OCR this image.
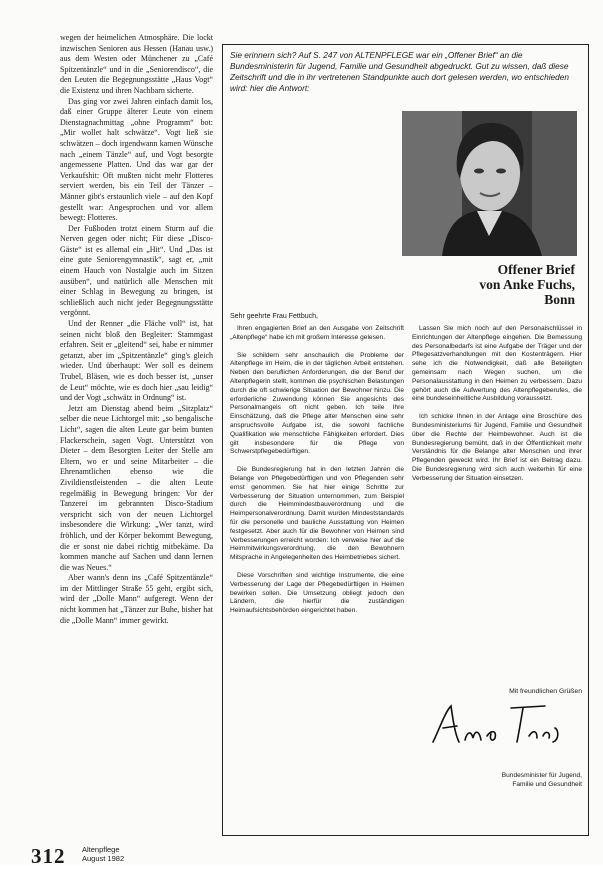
wegen der heimelichen Atmosphäre. Die lockt inzwischen Senioren aus Hessen (Hanau usw.) aus dem Westen oder Münchener zu „Café Spitzentänzle“ und in die „Seniorendisco“, die den Leuten die Begegnungsstätte „Haus Vogt“ die Existenz und ihren Nachbarn sicherte.

Das ging vor zwei Jahren einfach damit los, daß einer Gruppe älterer Leute von einem Dienstagnachmittag „ohne Programm“ bot: „Mir wollet halt schwätze“. Vogt ließ sie schwätzen – doch irgendwann kamen Wünsche nach „einem Tänzle“ auf, und Vogt besorgte angemessene Platten. Und das war gar der Verkaufshit: Oft mußten nicht mehr Flotteres serviert werden, bis ein Teil der Tänzer – Männer gibt's erstaunlich viele – auf den Kopf gestellt war: Angesprochen und vor allem bewegt: Flotteres.

Der Fußboden trotzt einem Sturm auf die Nerven gegen oder nicht; Für diese „Disco-Gäste“ ist es allemal ein „Hit“. Und „Das ist eine gute Seniorengymnastik“, sagt er, „mit einem Hauch von Nostalgie auch im Sitzen ausüben“, und natürlich alle Menschen mit einer Schlag in Bewegung zu bringen, ist schließlich auch nicht jeder Begegnungsstätte vergönnt.

Und der Renner „die Fläche voll“ ist, hat seinen nicht bloß den Begleiter: Stammgast erfahren. Seit er „gleitend“ sei, habe er nimmer getanzt, aber im „Spitzentänzle“ ging's gleich wieder. Und überhaupt: Wer soll es deinem Trubel, Bläsen, wie es doch besser ist, „unser de Leut“ möchte, wie es doch hier „sau leidig“ und der Vogt „schwätz in Ordnung“ ist.

Jetzt am Dienstag abend beim „Sitzplatz“ selber die neue Lichtorgel mit: „so bengalische Licht“, sagen die alten Leute gar beim bunten Flackerschein, sagen Vogt. Unterstützt von Dieter – dem Besorgten Leiter der Stelle am Eltern, wo er und seine Mitarbeiter – die Ehrenamtlichen ebenso wie die Zivildienstleistenden – die alten Leute regelmäßig in Bewegung bringen: Vor der Tanzerei im gebrannten Disco-Stadium verspricht sich von der neuen Lichtorgel insbesondere die Wirkung: „Wer tanzt, wird fröhlich, und der Körper bekommt Bewegung, die er sonst nie dabei richtig mitbekäme. Da kommen manche auf Sachen und dann lernen die was Neues.“

Aber wann's denn ins „Café Spitzentänzle“ im der Mittlinger Straße 55 geht, ergibt sich, wird der „Dolle Mann“ aufgeregt. Wenn der nicht kommen hat „Tänzer zur Buhe, bisher hat die „Dolle Mann“ immer gewirkt.

Sie erinnern sich? Auf S. 247 von ALTENPFLEGE war ein „Offener Brief“ an die Bundesministerin für Jugend, Familie und Gesundheit abgedruckt. Gut zu wissen, daß diese Zeitschrift und die in ihr vertretenen Standpunkte auch dort gelesen werden, wo entschieden wird: hier die Antwort:
Offener Brief
von Anke Fuchs,
Bonn
Sehr geehrte Frau Fettbuch,

Ihren engagierten Brief an den Ausgabe von Zeitschrift „Altenpflege“ habe ich mit großem Interesse gelesen.

Sie schildern sehr anschaulich die Probleme der Altenpflege im Heim, die in der täglichen Arbeit entstehen. Neben den beruflichen Anforderungen, die der Beruf der Altenpflegerin stellt, kommen die psychischen Belastungen durch die oft schwierige Situation der Bewohner hinzu. Die erforderliche Zuwendung können Sie angesichts des Personalmangels oft nicht geben. Ich teile Ihre Einschätzung, daß die Pflege alter Menschen eine sehr anspruchsvolle Aufgabe ist, die sowohl fachliche Qualifikation wie menschliche Fähigkeiten erfordert. Dies gilt insbesondere für die Pflege von Schwerstpflegebedürftigen.

Die Bundesregierung hat in den letzten Jahren die Belange von Pflegebedürftigen und von Pflegenden sehr ernst genommen. Sie hat hier einige Schritte zur Verbesserung der Situation unternommen, zum Beispiel durch die Heimmindestbauverordnung und die Heimpersonalverordnung. Damit wurden Mindeststandards für die personelle und bauliche Ausstattung von Heimen festgesetzt. Aber auch für die Bewohner von Heimen sind Verbesserungen erreicht worden: Ich verweise hier auf die Heimmitwirkungsverordnung, die den Bewohnern Mitsprache in Angelegenheiten des Heimbetriebes sichert.

Diese Vorschriften sind wichtige Instrumente, die eine Verbesserung der Lage der Pflegebedürftigen in Heimen bewirken sollen. Die Umsetzung obliegt jedoch den Ländern, die hierfür die zuständigen Heimaufsichtsbehörden eingerichtet haben.

Lassen Sie mich noch auf den Personalschlüssel in Einrichtungen der Altenpflege eingehen. Die Bemessung des Personalbedarfs ist eine Aufgabe der Träger und der Pflegesatzverhandlungen mit den Kostenträgern. Hier sehe ich die Notwendigkeit, daß alle Beteiligten gemeinsam nach Wegen suchen, um die Personalausstattung in den Heimen zu verbessern. Dazu gehört auch die Aufwertung des Altenpflegeberufes, die eine bundeseinheitliche Ausbildung voraussetzt.

Ich schicke Ihnen in der Anlage eine Broschüre des Bundesministeriums für Jugend, Familie und Gesundheit über die Rechte der Heimbewohner. Auch ist die Bundesregierung bemüht, daß in der Öffentlichkeit mehr Verständnis für die Belange alter Menschen und ihrer Pflegenden geweckt wird. Ihr Brief ist ein Beitrag dazu. Die Bundesregierung wird sich auch weiterhin für eine Verbesserung der Situation einsetzen.

Mit freundlichen Grüßen
Bundesminister für Jugend,
Familie und Gesundheit
312 Altenpflege
August 1982
